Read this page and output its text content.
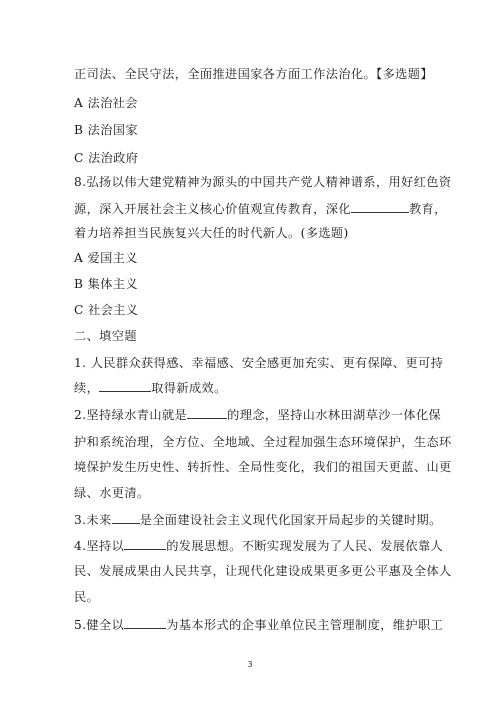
正司法、全民守法，全面推进国家各方面工作法治化。【多选题】
A 法治社会
B 法治国家
C 法治政府
8.弘扬以伟大建党精神为源头的中国共产党人精神谱系，用好红色资
源，深入开展社会主义核心价值观宣传教育，深化	教育，
着力培养担当民族复兴大任的时代新人。(多选题)
A 爱国主义
B 集体主义
C 社会主义
二、填空题
1. 人民群众获得感、幸福感、安全感更加充实、更有保障、更可持
续，	取得新成效。
2.坚持绿水青山就是	的理念，坚持山水林田湖草沙一体化保
护和系统治理，全方位、全地域、全过程加强生态环境保护，生态环
境保护发生历史性、转折性、全局性变化，我们的祖国天更蓝、山更
绿、水更清。
3.未来 是全面建设社会主义现代化国家开局起步的关键时期。
4.坚持以	的发展思想。不断实现发展为了人民、发展依靠人
民、发展成果由人民共享，让现代化建设成果更多更公平惠及全体人
民。
5.健全以	为基本形式的企事业单位民主管理制度，维护职工
3
